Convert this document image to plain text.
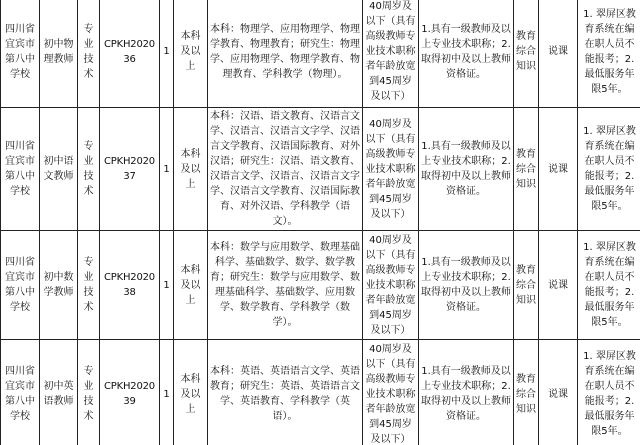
四川省宜宾市第八中学校	初中物理教师	专业技术	CPKH202036	1	本科及以上	本科：物理学、应用物理学、物理学教育、物理教育；研究生：物理学、应用物理学、物理学教育、物理教育、学科教学（物理）。	40周岁及以下（具有高级教师专业技术职称者年龄放宽到45周岁及以下）	1.具有一级教师及以上专业技术职称；2.取得初中及以上教师资格证。	教育综合知识	说课	1. 翠屏区教育系统在编在职人员不能报考；2.最低服务年限5年。
四川省宜宾市第八中学校	初中语文教师	专业技术	CPKH202037	1	本科及以上	本科：汉语、语文教育、汉语言文学、汉语言、汉语言文字学、汉语言文学教育、汉语国际教育、对外汉语；研究生：汉语、语文教育、汉语言文学、汉语言、汉语言文字学、汉语言文学教育、汉语国际教育、对外汉语、学科教学（语文）。	40周岁及以下（具有高级教师专业技术职称者年龄放宽到45周岁及以下）	1.具有一级教师及以上专业技术职称；2.取得初中及以上教师资格证。	教育综合知识	说课	1. 翠屏区教育系统在编在职人员不能报考；2.最低服务年限5年。
四川省宜宾市第八中学校	初中数学教师	专业技术	CPKH202038	1	本科及以上	本科：数学与应用数学、数理基础科学、基础数学、数学、数学教育；研究生：数学与应用数学、数理基础科学、基础数学、应用数学、数学教育、学科教学（数学）。	40周岁及以下（具有高级教师专业技术职称者年龄放宽到45周岁及以下）	1.具有一级教师及以上专业技术职称；2.取得初中及以上教师资格证。	教育综合知识	说课	1. 翠屏区教育系统在编在职人员不能报考；2.最低服务年限5年。
四川省宜宾市第八中学校	初中英语教师	专业技术	CPKH202039	1	本科及以上	本科：英语、英语语言文学、英语教育；研究生：英语、英语语言文学、英语教育、学科教学（英语）。	40周岁及以下（具有高级教师专业技术职称者年龄放宽到45周岁及以下）	1.具有一级教师及以上专业技术职称；2.取得初中及以上教师资格证。	教育综合知识	说课	1. 翠屏区教育系统在编在职人员不能报考；2.最低服务年限5年。
